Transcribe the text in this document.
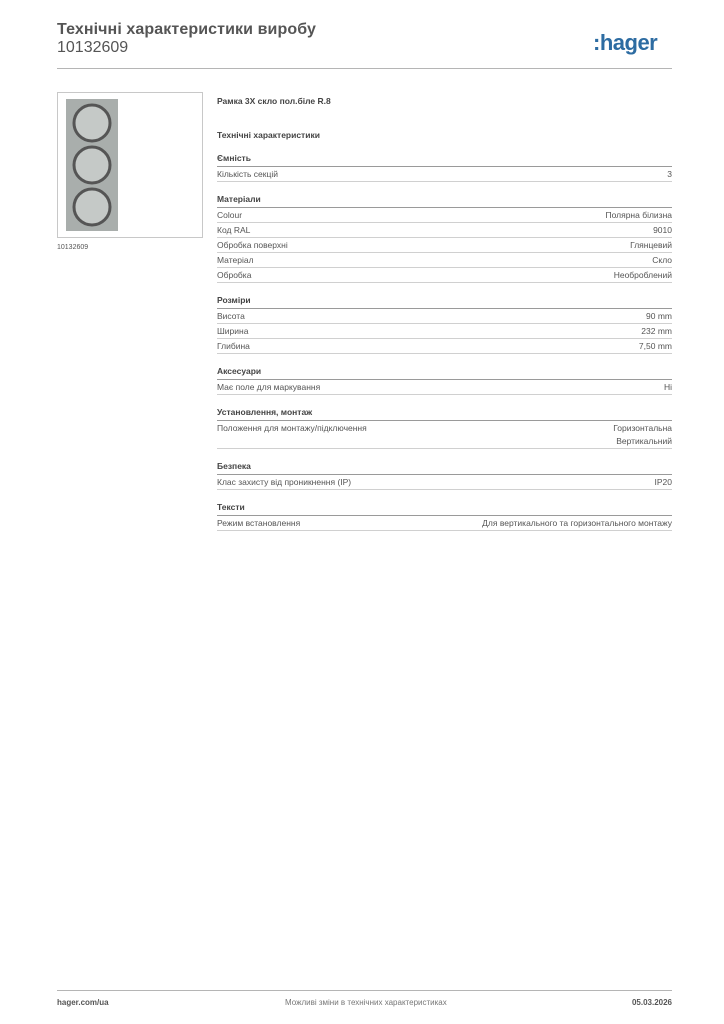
Технічні характеристики виробу
10132609	:hager
10132609
Рамка 3X скло пол.біле R.8
Технічні характеристики
Ємність
Кількість секцій	3
Матеріали
Colour	Полярна білизна
Код RAL	9010
Обробка поверхні	Глянцевий
Матеріал	Скло
Обробка	Необроблений
Розміри
Висота	90 mm
Ширина	232 mm
Глибина	7,50 mm
Аксесуари
Має поле для маркування	Ні
Установлення, монтаж
Положення для монтажу/підключення	Горизонтальна
Вертикальний
Безпека
Клас захисту від проникнення (IP)	IP20
Тексти
Режим встановлення	Для вертикального та горизонтального монтажу
hager.com/ua	Можливі зміни в технічних характеристиках	05.03.2026
